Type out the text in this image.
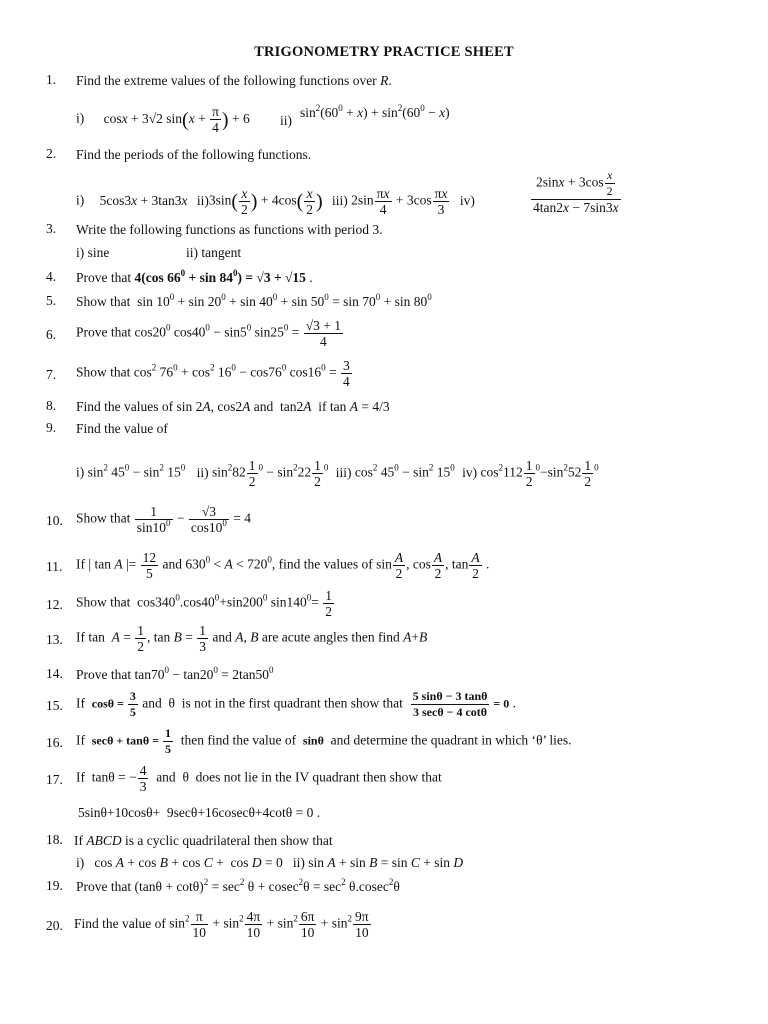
TRIGONOMETRY PRACTICE SHEET
1. Find the extreme values of the following functions over R.
i) cosx + 3√2 $\sin(x + \frac{\pi}{4}$ ) + 6 ii)
$\sin^2(60^0 + x) + \sin^2(60^0 - x)$
2. Find the periods of the following functions.
i) 5cos3x + 3tan3x $ii)3\sin( \frac{x}{2}$ ) + $4\cos( \frac{x}{2}$ ) iii) $2\sin \frac{\pi x}{4} + 3\cos \frac{\pi x}{3} iv$)	$\frac{2\sin x + 3\cos \frac{x}{2}}{4\tan 2x - 7\sin 3x}$
3. Write the following functions as functions with period 3.
i) sine	ii) tangent
4. Prove that 4(cos $66^0 + \sin 84^0) = √3 + √15$ .
5. Show that  $\sin 10^0 + \sin 20^0 + \sin 40^0 + \sin 50^0 = \sin 70^0 + \sin 80^0$
6. Prove that $\cos 20^0$ $\cos 40^0 - \sin 5^0$ $\sin 25^0 = \frac{√3 + 1}{4}$
7. Show that $\cos^2 76^0 + \cos^2 16^0 - \cos 76^0$ $\cos 16^0 = \frac{3}{4}$
8. Find the values of sin 2A, cos2A and  tan2A if tan A = 4/3
9. Find the value of
i) $\sin^2 45^0 - \sin^2 15^0$ ii) $\sin^282 \frac{1}{2} ^0 - \sin^222 \frac{1}{2} ^0$ iii) $\cos^2 45^0 - \sin^2 15^0$ iv) $\cos^2112 \frac{1}{2} ^0-\sin^252 \frac{1}{2} ^0$
10. Show that $\frac{1}{\sin 10^0} - \frac{√3}{\cos 10^0} = 4$
11. If | tan A |= $\frac{12}{5}$ and $630^0 < A < 720^0$, find the values of $\sin \frac{A}{2}$ , $\cos \frac{A}{2}$ , $\tan \frac{A}{2}$ .
12. Show that  $\cos 340^0.\cos 40^0+\sin 200^0$ $\sin 140^0= \frac{1}{2}$
13. If $\tan A = \frac{1}{2}$ , $\tan B = \frac{1}{3}$ and A, B are acute angles then find A+B
14. Prove that $\tan 70^0 - \tan 20^0 = 2\tan 50^0$
15. If $\cos\theta = \frac{3}{5}$ and  θ  is not in the first quadrant then show that $\frac{5 \sin\theta - 3 \tan\theta}{3 \sec\theta - 4 \cot\theta} = 0$ .
16. If $\sec\theta + \tan\theta = \frac{1}{5}$ then find the value of sinθ and determine the quadrant in which ‘θ’ lies.
17. If  tanθ = − $\frac{4}{3}$ and  θ  does not lie in the IV quadrant then show that
5sinθ+10cosθ+  9secθ+16cosecθ+4cotθ = 0 .
18. If ABCD is a cyclic quadrilateral then show that
i)   cos A + cos B + cos C +  cos D = 0   ii) sin A + sin B = sin C + sin D
19. Prove that $(\tan\theta + \cot\theta)^2 = \sec^2 \theta + cosec^2\theta = \sec^2 \theta.cosec^2\theta$
20. Find the value of $\sin^2 \frac{\pi}{10} + \sin^2 \frac{4\pi}{10} + \sin^2 \frac{6\pi}{10} + \sin^2 \frac{9\pi}{10}$
